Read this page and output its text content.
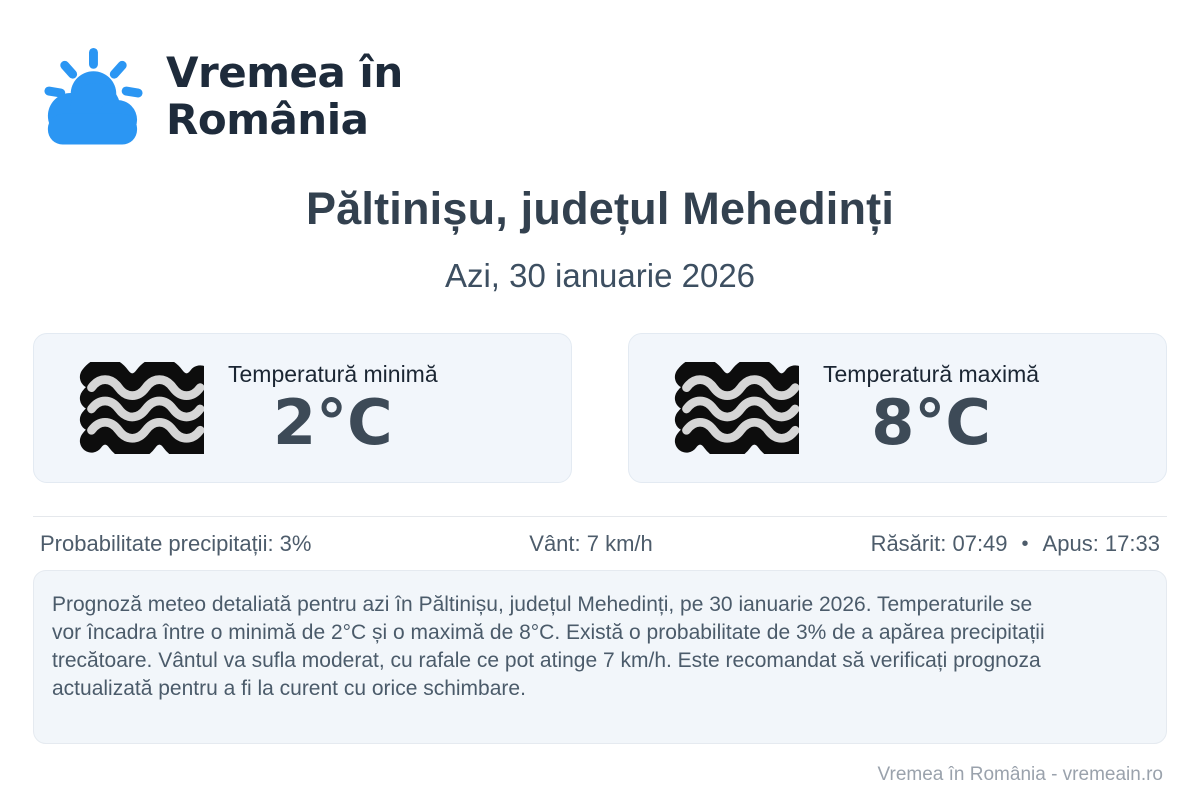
Vremea în
România
Păltinișu, județul Mehedinți
Azi, 30 ianuarie 2026
Temperatură minimă
2°C
Temperatură maximă
8°C
Probabilitate precipitații: 3%	Vânt: 7 km/h	Răsărit: 07:49 • Apus: 17:33

Prognoză meteo detaliată pentru azi în Păltinișu, județul Mehedinți, pe 30 ianuarie 2026. Temperaturile se vor încadra între o minimă de 2°C și o maximă de 8°C. Există o probabilitate de 3% de a apărea precipitații trecătoare. Vântul va sufla moderat, cu rafale ce pot atinge 7 km/h. Este recomandat să verificați prognoza actualizată pentru a fi la curent cu orice schimbare.

Vremea în România - vremeain.ro
